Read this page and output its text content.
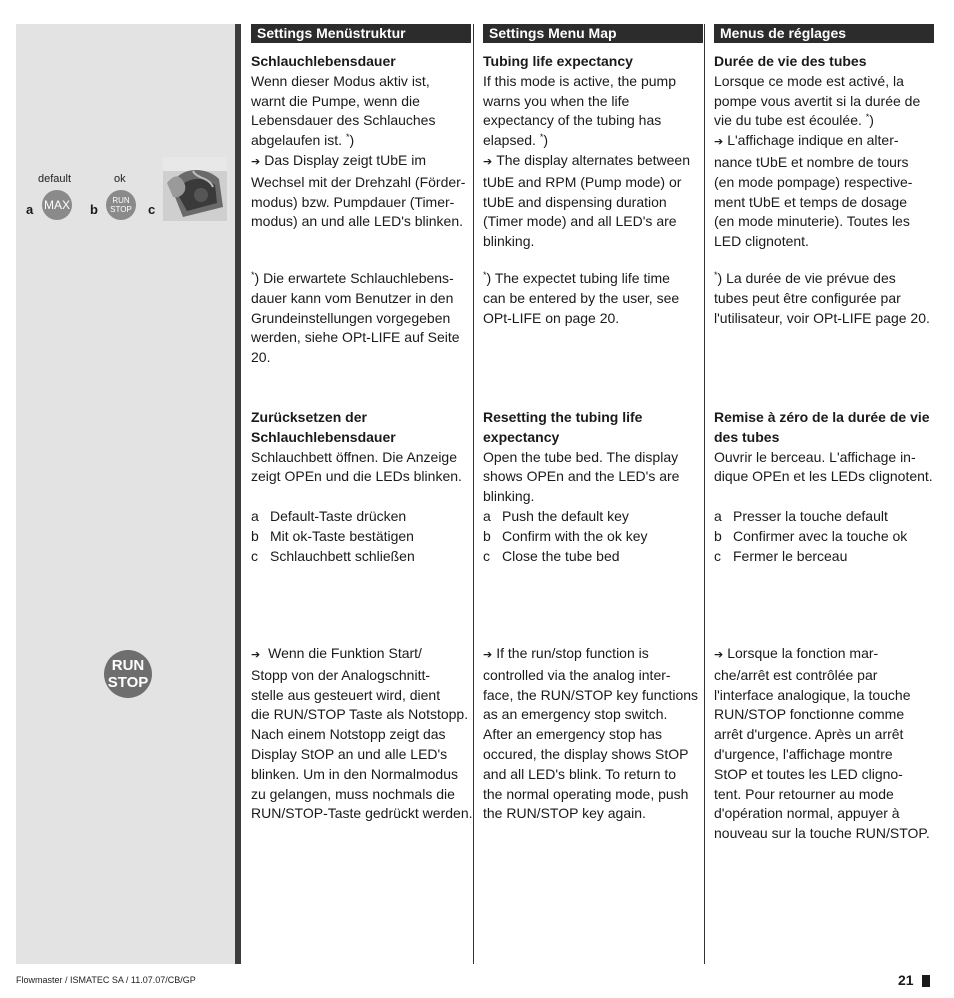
default	ok
a	b	c
MAX	RUN
STOP
RUN
STOP
Settings Menüstruktur

Schlauchlebensdauer

Wenn dieser Modus aktiv ist,

warnt die Pumpe, wenn die

Lebensdauer des Schlauches

abgelaufen ist. *)

➔ Das Display zeigt tUbE im

Wechsel mit der Drehzahl (Förder-

modus) bzw. Pumpdauer (Timer-

modus) an und alle LED's blinken.

*) Die erwartete Schlauchlebens-

dauer kann vom Benutzer in den

Grundeinstellungen vorgegeben

werden, siehe OPt-LIFE auf Seite 20.

Zurücksetzen der

Schlauchlebensdauer

Schlauchbett öffnen. Die Anzeige

zeigt OPEn und die LEDs blinken.

a Default-Taste drücken

b Mit ok-Taste bestätigen

c Schlauchbett schließen

➔ Wenn die Funktion Start/

Stopp von der Analogschnitt-

stelle aus gesteuert wird, dient

die RUN/STOP Taste als Notstopp.

Nach einem Notstopp zeigt das

Display StOP an und alle LED's

blinken. Um in den Normalmodus

zu gelangen, muss nochmals die

RUN/STOP-Taste gedrückt werden.

Settings Menu Map

Tubing life expectancy

If this mode is active, the pump

warns you when the life

expectancy of the tubing has

elapsed. *)

➔ The display alternates between

tUbE and RPM (Pump mode) or

tUbE and dispensing duration

(Timer mode) and all LED's are

blinking.

*) The expectet tubing life time

can be entered by the user, see

OPt-LIFE on page 20.

Resetting the tubing life

expectancy

Open the tube bed. The display

shows OPEn and the LED's are

blinking.

a Push the default key

b Confirm with the ok key

c Close the tube bed

➔ If the run/stop function is

controlled via the analog inter-

face, the RUN/STOP key functions

as an emergency stop switch.

After an emergency stop has

occured, the display shows StOP

and all LED's blink. To return to

the normal operating mode, push

the RUN/STOP key again.

Menus de réglages

Durée de vie des tubes

Lorsque ce mode est activé, la

pompe vous avertit si la durée de

vie du tube est écoulée. *)

➔ L'affichage indique en alter-

nance tUbE et nombre de tours

(en mode pompage) respective-

ment tUbE et temps de dosage

(en mode minuterie). Toutes les

LED clignotent.

*) La durée de vie prévue des

tubes peut être configurée par

l'utilisateur, voir OPt-LIFE page 20.

Remise à zéro de la durée de vie

des tubes

Ouvrir le berceau. L'affichage in-

dique OPEn et les LEDs clignotent.

a Presser la touche default

b Confirmer avec la touche ok

c Fermer le berceau

➔ Lorsque la fonction mar-

che/arrêt est contrôlée par

l'interface analogique, la touche

RUN/STOP fonctionne comme

arrêt d'urgence. Après un arrêt

d'urgence, l'affichage montre

StOP et toutes les LED cligno-

tent. Pour retourner au mode

d'opération normal, appuyer à

nouveau sur la touche RUN/STOP.

Flowmaster / ISMATEC SA / 11.07.07/CB/GP	21
